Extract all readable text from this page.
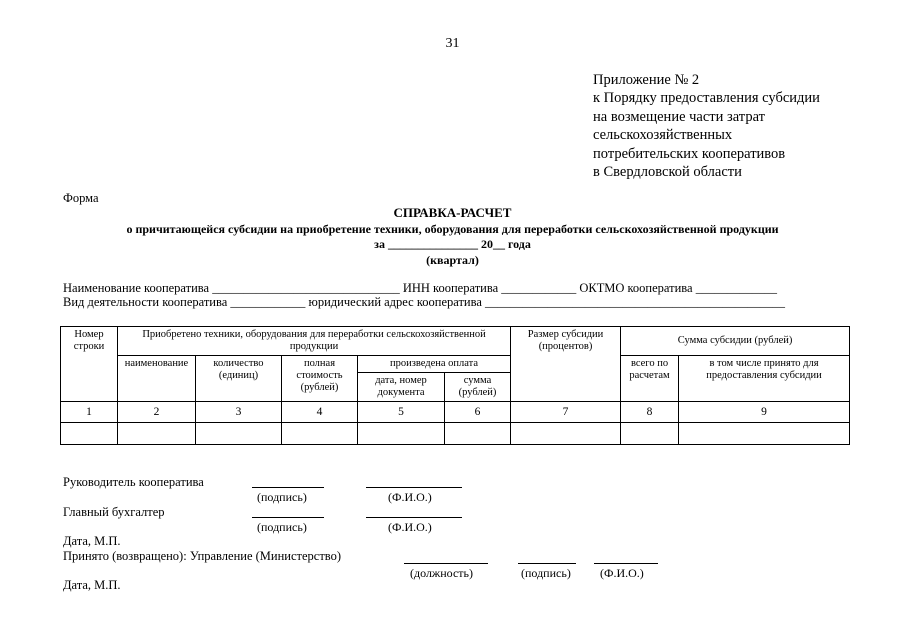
31
Приложение № 2
к Порядку предоставления субсидии
на возмещение части затрат
сельскохозяйственных
потребительских кооперативов
в Свердловской области
Форма
СПРАВКА-РАСЧЕТ
о причитающейся субсидии на приобретение техники, оборудования для переработки сельскохозяйственной продукции
за _______________ 20__ года
(квартал)
Наименование кооператива ______________________________ ИНН кооператива ____________ ОКТМО кооператива _____________
Вид деятельности кооператива ____________ юридический адрес кооператива ________________________________________________
Номер строки	Приобретено техники, оборудования для переработки сельскохозяйственной продукции					Размер субсидии (процентов)	Сумма субсидии (рублей)	
	наименование	количество (единиц)	полная стоимость (рублей)	произведена оплата			всего по расчетам	в том числе принято для предоставления субсидии
				дата, номер документа	сумма (рублей)			
1	2	3	4	5	6	7	8	9

Руководитель кооператива
(подпись)	(Ф.И.О.)
Главный бухгалтер
(подпись)	(Ф.И.О.)
Дата, М.П.
Принято (возвращено): Управление (Министерство)
(должность)	(подпись) (Ф.И.О.)
Дата, М.П.
